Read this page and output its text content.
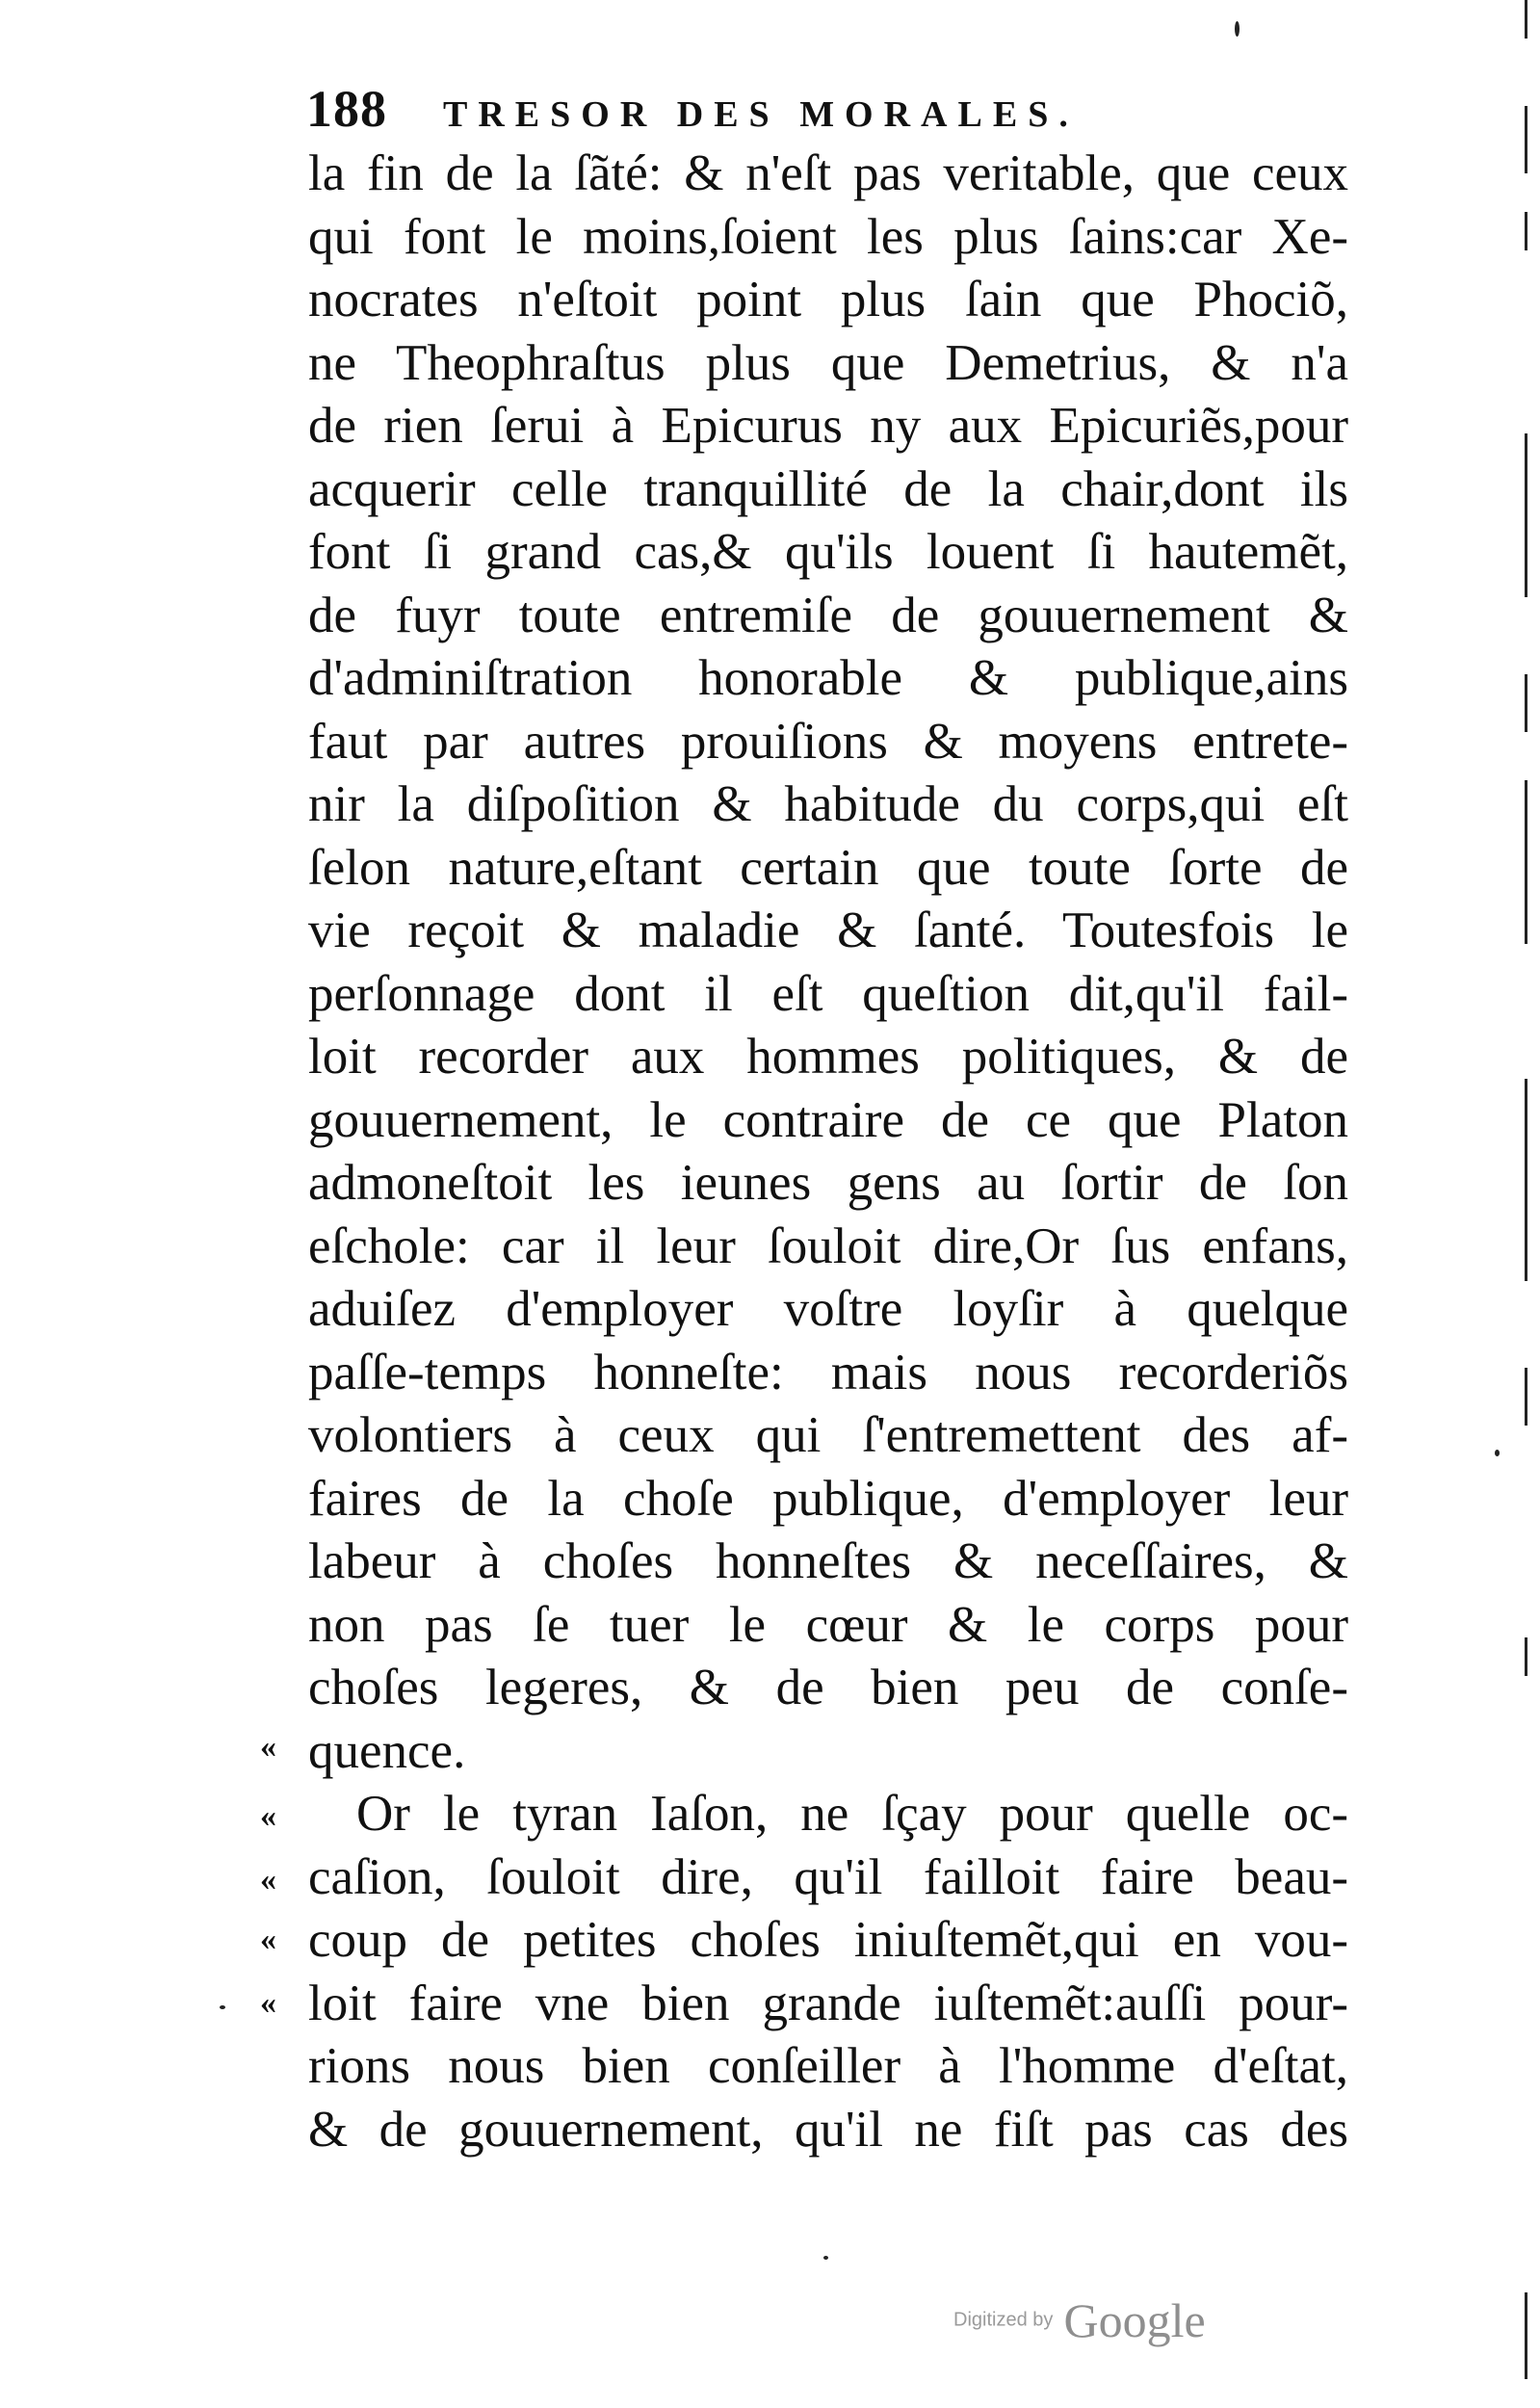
188 TRESOR DES MORALES.
la fin de la ſãté: & n'eſt pas veritable, que ceux
qui font le moins,ſoient les plus ſains:car Xe-
nocrates n'eſtoit point plus ſain que Phociõ,
ne Theophraſtus plus que Demetrius, & n'a
de rien ſerui à Epicurus ny aux Epicuriẽs,pour
acquerir celle tranquillité de la chair,dont ils
font ſi grand cas,& qu'ils louent ſi hautemẽt,
de fuyr toute entremiſe de gouuernement &
d'adminiſtration honorable & publique,ains
faut par autres prouiſions & moyens entrete-
nir la diſpoſition & habitude du corps,qui eſt
ſelon nature,eſtant certain que toute ſorte de
vie reçoit & maladie & ſanté. Toutesfois le
perſonnage dont il eſt queſtion dit,qu'il fail-
loit recorder aux hommes politiques, & de
gouuernement, le contraire de ce que Platon
admoneſtoit les ieunes gens au ſortir de ſon
eſchole: car il leur ſouloit dire,Or ſus enfans,
aduiſez d'employer voſtre loyſir à quelque
paſſe-temps honneſte: mais nous recorderiõs
volontiers à ceux qui ſ'entremettent des af-
faires de la choſe publique, d'employer leur
labeur à choſes honneſtes & neceſſaires, &
non pas ſe tuer le cœur & le corps pour
choſes legeres, & de bien peu de conſe-
quence.
Or le tyran Iaſon, ne ſçay pour quelle oc-
caſion, ſouloit dire, qu'il failloit faire beau-
coup de petites choſes iniuſtemẽt,qui en vou-
loit faire vne bien grande iuſtemẽt:auſſi pour-
rions nous bien conſeiller à l'homme d'eſtat,
& de gouuernement, qu'il ne fiſt pas cas des
«
«
«
«
«
Digitized by Google
